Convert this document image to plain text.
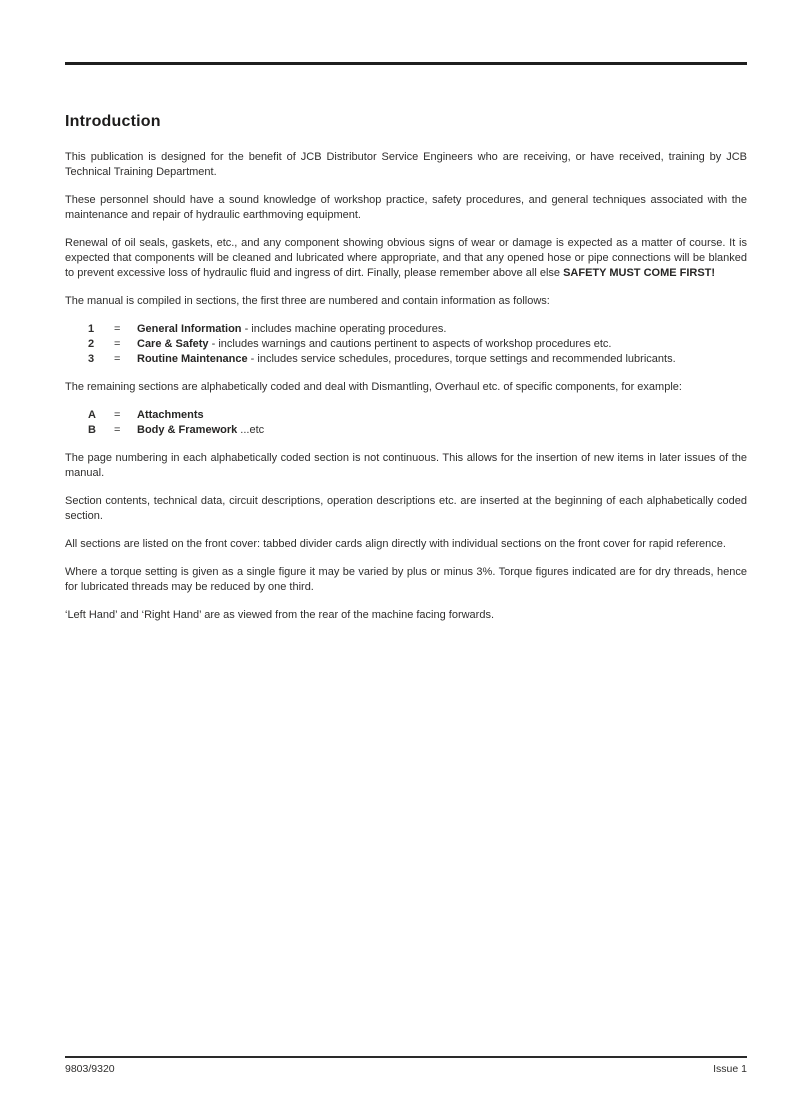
Introduction

This publication is designed for the benefit of JCB Distributor Service Engineers who are receiving, or have received, training by JCB Technical Training Department.

These personnel should have a sound knowledge of workshop practice, safety procedures, and general techniques associated with the maintenance and repair of hydraulic earthmoving equipment.

Renewal of oil seals, gaskets, etc., and any component showing obvious signs of wear or damage is expected as a matter of course. It is expected that components will be cleaned and lubricated where appropriate, and that any opened hose or pipe connections will be blanked to prevent excessive loss of hydraulic fluid and ingress of dirt. Finally, please remember above all else SAFETY MUST COME FIRST!

The manual is compiled in sections, the first three are numbered and contain information as follows:

1	=	General Information - includes machine operating procedures.
2	=	Care & Safety - includes warnings and cautions pertinent to aspects of workshop procedures etc.
3	=	Routine Maintenance - includes service schedules, procedures, torque settings and recommended lubricants.

The remaining sections are alphabetically coded and deal with Dismantling, Overhaul etc. of specific components, for example:

A	=	Attachments
B	=	Body & Framework ...etc

The page numbering in each alphabetically coded section is not continuous. This allows for the insertion of new items in later issues of the manual.

Section contents, technical data, circuit descriptions, operation descriptions etc. are inserted at the beginning of each alphabetically coded section.

All sections are listed on the front cover: tabbed divider cards align directly with individual sections on the front cover for rapid reference.

Where a torque setting is given as a single figure it may be varied by plus or minus 3%. Torque figures indicated are for dry threads, hence for lubricated threads may be reduced by one third.

‘Left Hand’ and ‘Right Hand’ are as viewed from the rear of the machine facing forwards.

9803/9320	Issue 1
